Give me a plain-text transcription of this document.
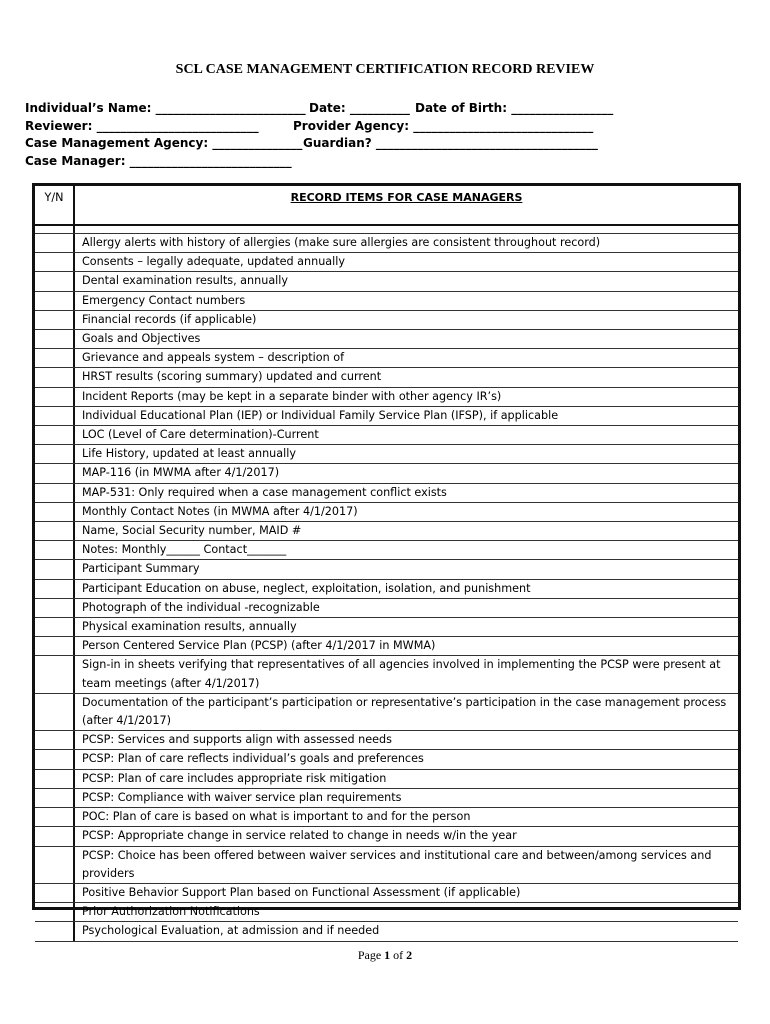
SCL CASE MANAGEMENT CERTIFICATION RECORD REVIEW
Individual’s Name: _________________________ Date: __________ Date of Birth: _________________
Reviewer: ___________________________	Provider Agency: ______________________________
Case Management Agency: _______________ Guardian? _____________________________________
Case Manager: ___________________________
Y/N	RECORD ITEMS FOR CASE MANAGERS
Allergy alerts with history of allergies (make sure allergies are consistent throughout record)
Consents – legally adequate, updated annually
Dental examination results, annually
Emergency Contact numbers
Financial records (if applicable)
Goals and Objectives
Grievance and appeals system – description of
HRST results (scoring summary) updated and current
Incident Reports (may be kept in a separate binder with other agency IR’s)
Individual Educational Plan (IEP) or Individual Family Service Plan (IFSP), if applicable
LOC (Level of Care determination)-Current
Life History, updated at least annually
MAP-116 (in MWMA after 4/1/2017)
MAP-531: Only required when a case management conflict exists
Monthly Contact Notes (in MWMA after 4/1/2017)
Name, Social Security number, MAID #
Notes: Monthly______ Contact_______
Participant Summary
Participant Education on abuse, neglect, exploitation, isolation, and punishment
Photograph of the individual -recognizable
Physical examination results, annually
Person Centered Service Plan (PCSP) (after 4/1/2017 in MWMA)
Sign-in in sheets verifying that representatives of all agencies involved in implementing the PCSP were present at team meetings (after 4/1/2017)
Documentation of the participant’s participation or representative’s participation in the case management process (after 4/1/2017)
PCSP: Services and supports align with assessed needs
PCSP: Plan of care reflects individual’s goals and preferences
PCSP: Plan of care includes appropriate risk mitigation
PCSP: Compliance with waiver service plan requirements
POC: Plan of care is based on what is important to and for the person
PCSP: Appropriate change in service related to change in needs w/in the year
PCSP: Choice has been offered between waiver services and institutional care and between/among services and providers
Positive Behavior Support Plan based on Functional Assessment (if applicable)
Prior Authorization Notifications
Psychological Evaluation, at admission and if needed
Page 1 of 2
